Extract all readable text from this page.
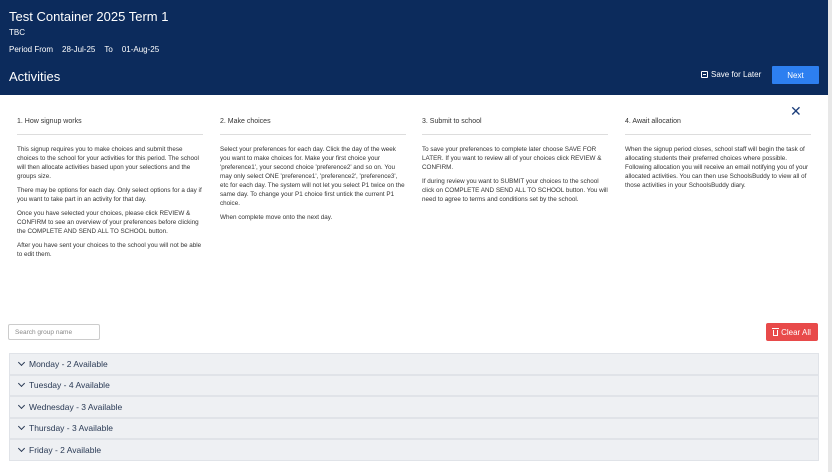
Test Container 2025 Term 1
TBC
Period From 28-Jul-25 To 01-Aug-25
Activities	Save for Later	Next
✕
1. How signup works

This signup requires you to make choices and submit these choices to the school for your activities for this period. The school will then allocate activities based upon your selections and the groups size.

There may be options for each day. Only select options for a day if you want to take part in an activity for that day.

Once you have selected your choices, please click REVIEW & CONFIRM to see an overview of your preferences before clicking the COMPLETE AND SEND ALL TO SCHOOL button.

After you have sent your choices to the school you will not be able to edit them.

2. Make choices

Select your preferences for each day. Click the day of the week you want to make choices for. Make your first choice your 'preference1', your second choice 'preference2' and so on. You may only select ONE 'preference1', 'preference2', 'preference3', etc for each day. The system will not let you select P1 twice on the same day. To change your P1 choice first untick the current P1 choice.

When complete move onto the next day.

3. Submit to school

To save your preferences to complete later choose SAVE FOR LATER. If you want to review all of your choices click REVIEW & CONFIRM.

If during review you want to SUBMIT your choices to the school click on COMPLETE AND SEND ALL TO SCHOOL button. You will need to agree to terms and conditions set by the school.

4. Await allocation

When the signup period closes, school staff will begin the task of allocating students their preferred choices where possible. Following allocation you will receive an email notifying you of your allocated activities. You can then use SchoolsBuddy to view all of those activities in your SchoolsBuddy diary.

Search group name
Clear All
Monday - 2 Available
Tuesday - 4 Available
Wednesday - 3 Available
Thursday - 3 Available
Friday - 2 Available
